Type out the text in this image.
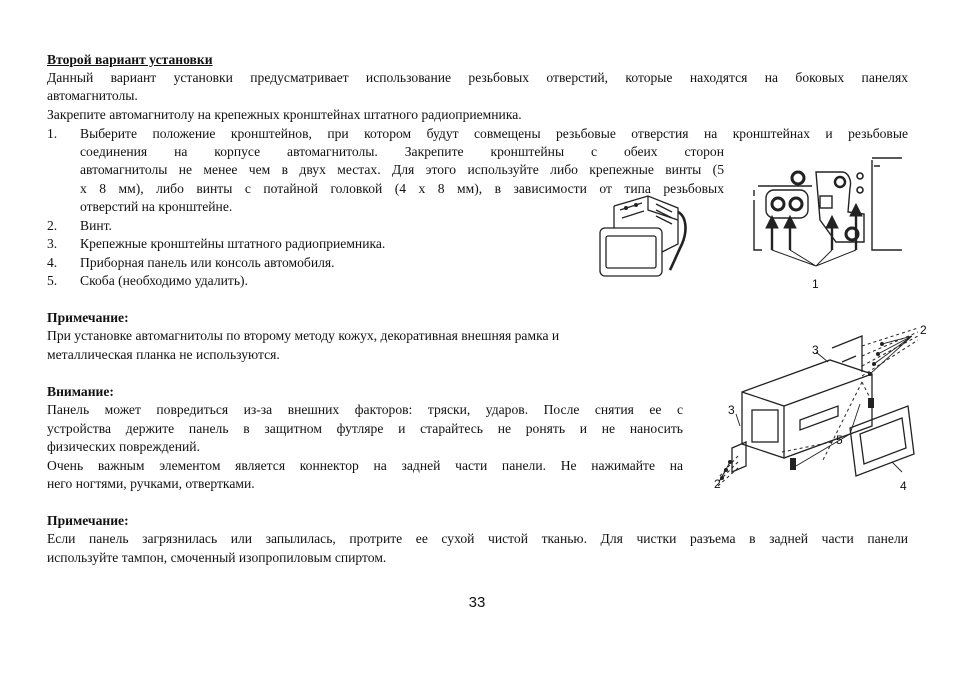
Второй вариант установки

Данный вариант установки предусматривает использование резьбовых отверстий, которые находятся на боковых панелях

автомагнитолы.

Закрепите автомагнитолу на крепежных кронштейнах штатного радиоприемника.

1. Выберите положение кронштейнов, при котором будут совмещены резьбовые отверстия на кронштейнах и резьбовые

соединения на корпусе автомагнитолы. Закрепите кронштейны с обеих сторон

автомагнитолы не менее чем в двух местах. Для этого используйте либо крепежные винты (5

x 8 мм), либо винты с потайной головкой (4 x 8 мм), в зависимости от типа резьбовых

отверстий на кронштейне.

2. Винт.

3. Крепежные кронштейны штатного радиоприемника.

4. Приборная панель или консоль автомобиля.

5. Скоба (необходимо удалить).

Примечание:

При установке автомагнитолы по второму методу кожух, декоративная внешняя рамка и

металлическая планка не используются.

Внимание:

Панель может повредиться из-за внешних факторов: тряски, ударов. После снятия ее с

устройства держите панель в защитном футляре и старайтесь не ронять и не наносить

физических повреждений.

Очень важным элементом является коннектор на задней части панели. Не нажимайте на

него ногтями, ручками, отвертками.

Примечание:

Если панель загрязнилась или запылилась, протрите ее сухой чистой тканью. Для чистки разъема в задней части панели

используйте тампон, смоченный изопропиловым спиртом.

1
2
3
3
5
2	4
33
